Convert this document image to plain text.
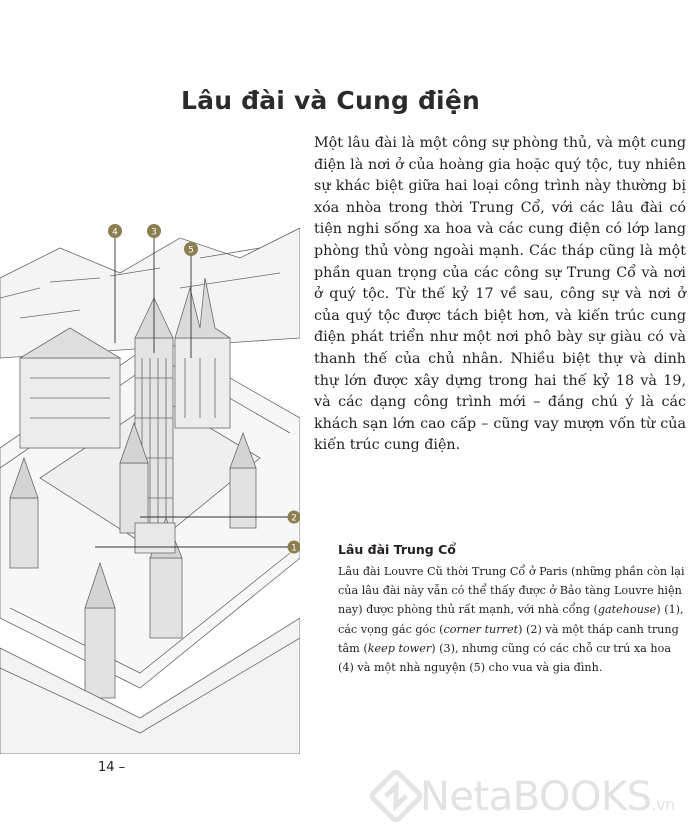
Lâu đài và Cung điện
Một lâu đài là một công sự phòng thủ, và một cung điện là nơi ở của hoàng gia hoặc quý tộc, tuy nhiên sự khác biệt giữa hai loại công trình này thường bị xóa nhòa trong thời Trung Cổ, với các lâu đài có tiện nghi sống xa hoa và các cung điện có lớp lang phòng thủ vòng ngoài mạnh. Các tháp cũng là một phần quan trọng của các công sự Trung Cổ và nơi ở quý tộc. Từ thế kỷ 17 về sau, công sự và nơi ở của quý tộc được tách biệt hơn, và kiến trúc cung điện phát triển như một nơi phô bày sự giàu có và thanh thế của chủ nhân. Nhiều biệt thự và dinh thự lớn được xây dựng trong hai thế kỷ 18 và 19, và các dạng công trình mới – đáng chú ý là các khách sạn lớn cao cấp – cũng vay mượn vốn từ của kiến trúc cung điện.
4	3
5
2
1	Lâu đài Trung Cổ
Lâu đài Louvre Cũ thời Trung Cổ ở Paris (những phần còn lại của lâu đài này vẫn có thể thấy được ở Bảo tàng Louvre hiện nay) được phòng thủ rất mạnh, với nhà cổng (gatehouse) (1), các vọng gác góc (corner turret) (2) và một tháp canh trung tâm (keep tower) (3), nhưng cũng có các chỗ cư trú xa hoa (4) và một nhà nguyện (5) cho vua và gia đình.
14 –
NetaBOOKS.vn
